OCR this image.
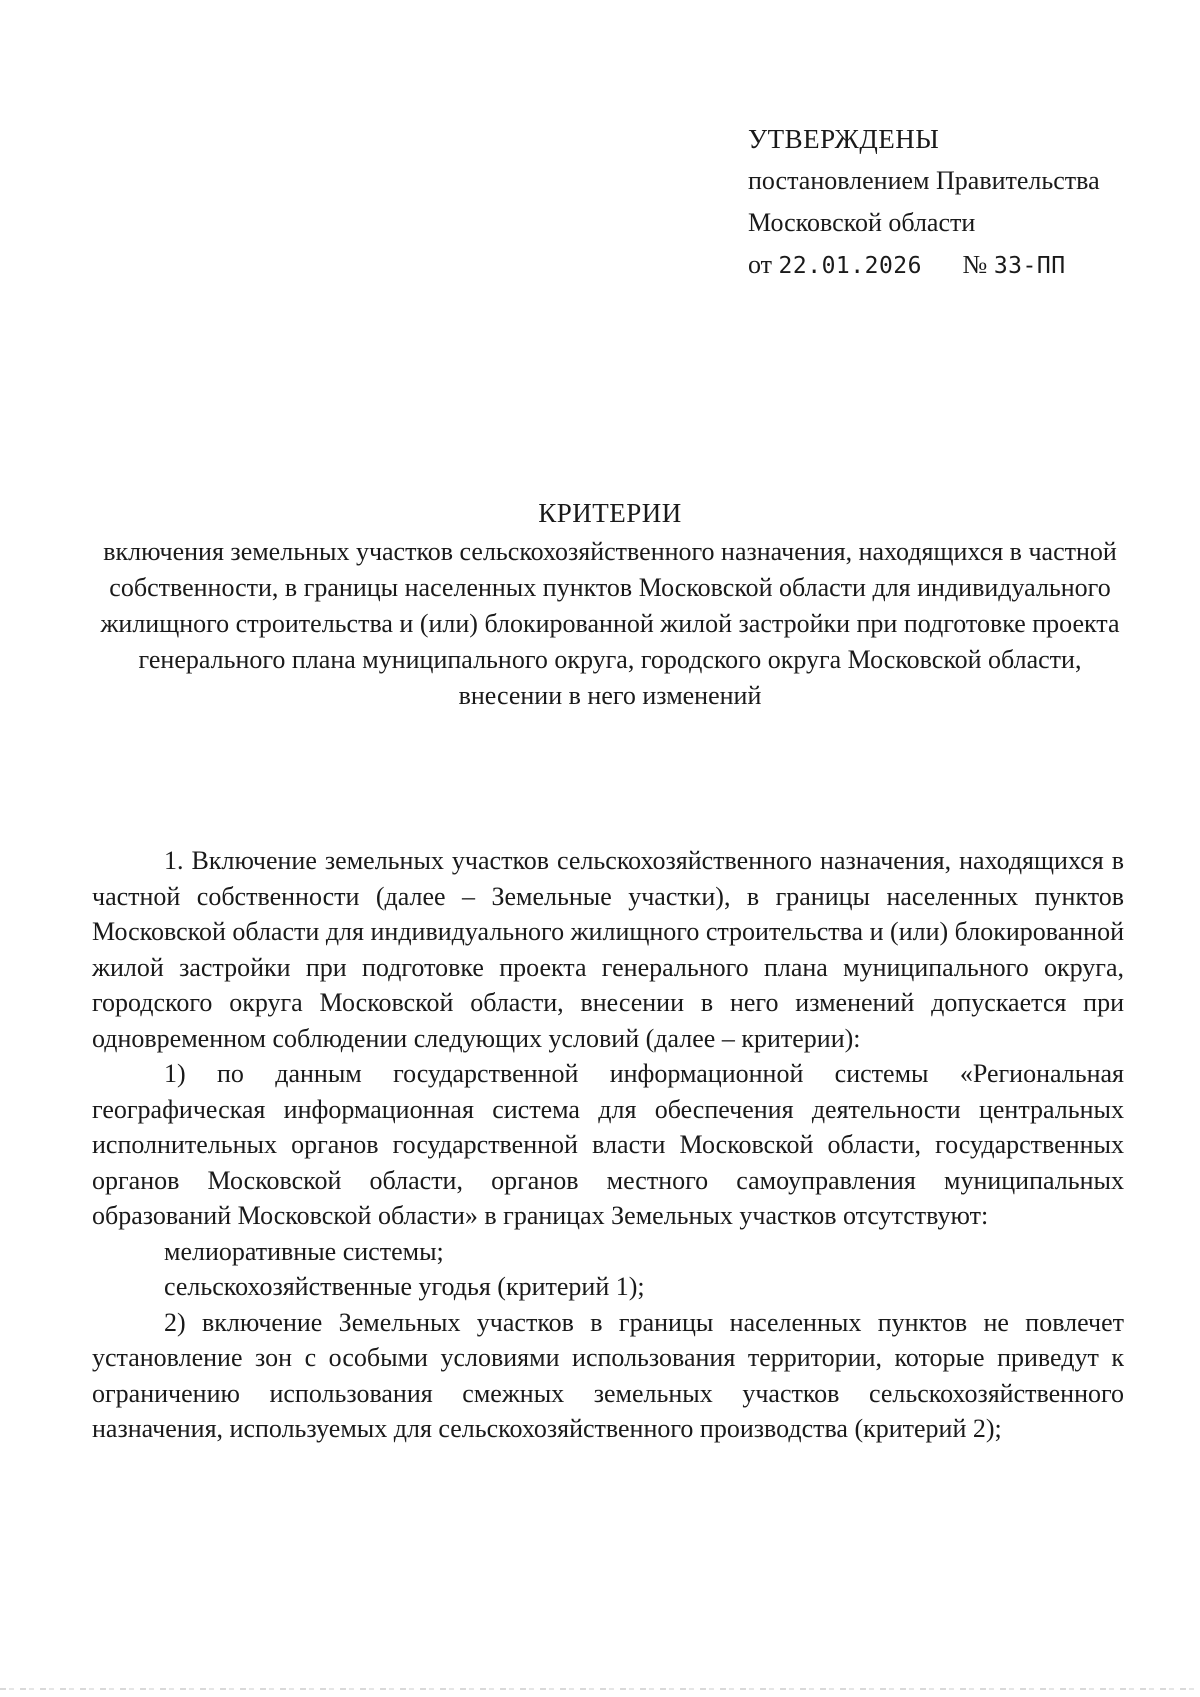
УТВЕРЖДЕНЫ
постановлением Правительства
Московской области
от 22.01.2026 № 33-ПП
КРИТЕРИИ
включения земельных участков сельскохозяйственного назначения, находящихся в частной собственности, в границы населенных пунктов Московской области для индивидуального жилищного строительства и (или) блокированной жилой застройки при подготовке проекта генерального плана муниципального округа, городского округа Московской области, внесении в него изменений

1. Включение земельных участков сельскохозяйственного назначения, находящихся в частной собственности (далее – Земельные участки), в границы населенных пунктов Московской области для индивидуального жилищного строительства и (или) блокированной жилой застройки при подготовке проекта генерального плана муниципального округа, городского округа Московской области, внесении в него изменений допускается при одновременном соблюдении следующих условий (далее – критерии):

1) по данным государственной информационной системы «Региональная географическая информационная система для обеспечения деятельности центральных исполнительных органов государственной власти Московской области, государственных органов Московской области, органов местного самоуправления муниципальных образований Московской области» в границах Земельных участков отсутствуют:

мелиоративные системы;

сельскохозяйственные угодья (критерий 1);

2) включение Земельных участков в границы населенных пунктов не повлечет установление зон с особыми условиями использования территории, которые приведут к ограничению использования смежных земельных участков сельскохозяйственного назначения, используемых для сельскохозяйственного производства (критерий 2);
